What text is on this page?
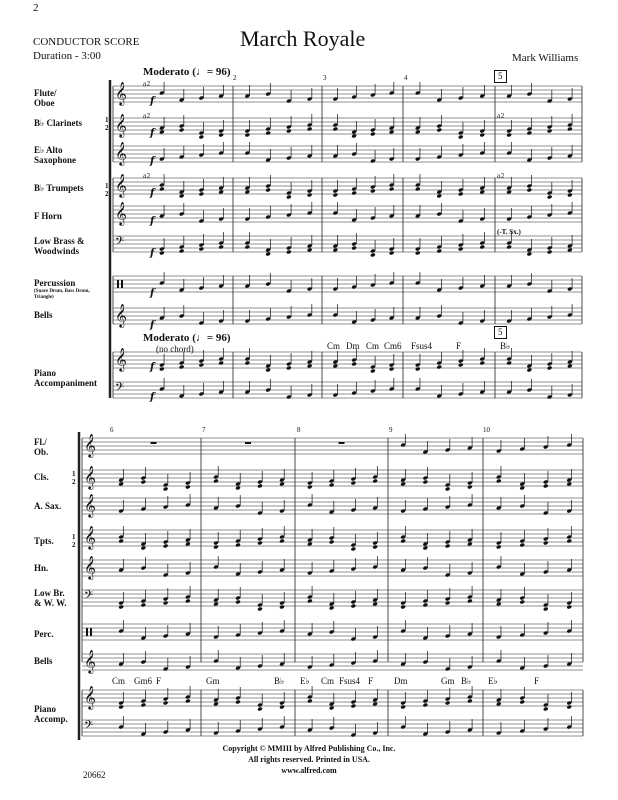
2
CONDUCTOR SCORE
Duration - 3:00
March Royale
Mark Williams
Moderato (♩= 96) 2	3	4	5
Flute/
Oboe
B♭ Clarinets	1
2
E♭ Alto
Saxophone
B♭ Trumpets	1
2
F Horn
Low Brass &
Woodwinds
Percussion
(Snare Drum, Bass Drum, Triangle)
Bells
Moderato (♩= 96)
(no chord)
5
Cm Dm Cm Cm6 Fsus4	F	B♭
Piano
Accompaniment
(-T. Sx.)
6	7	8	9	10
Fl./
Ob.
Cls.	1
2
A. Sax.
Tpts.	1
2
Hn.
Low Br.
& W. W.
Perc.
Bells
Piano
Accomp.
Cm Gm6 F	Gm	B♭ E♭ Cm Fsus4 F Dm	Gm B♭ E♭	F
Copyright © MMIII by Alfred Publishing Co., Inc.
All rights reserved. Printed in USA.
www.alfred.com
20662
𝄞
𝄞
𝄞
𝄞
𝄞
𝄢
𝄞
𝄞
𝄢
𝄞
𝄞
𝄞
𝄞
𝄞
𝄢
𝄞
𝄞
𝄢
f
f
f
f
f
f
f
f
f
f
a2
a2
a2
a2
a2
